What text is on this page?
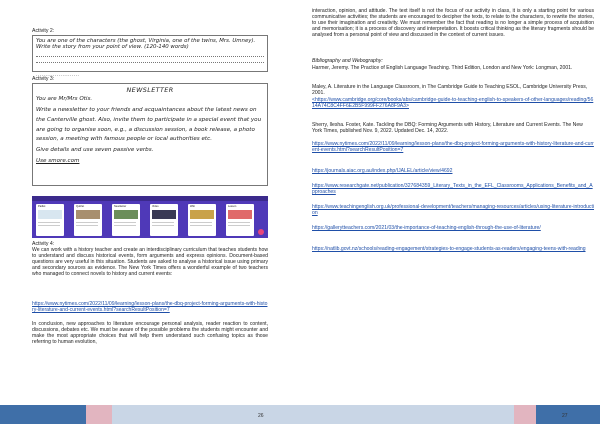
Activity 2:
You are one of the characters (the ghost, Virginia, one of the twins, Mrs. Umney). Write the story from your point of view. (120-140 words)
.......................
Activity 3:
NEWSLETTER
You are Mr/Mrs Otis.
Write a newsletter to your friends and acquaintances about the latest news on the Canterville ghost. Also, invite them to participate in a special event that you are going to organise soon, e.g., a discussion session, a book release, a photo session, a meeting with famous people or local authorities etc.
Give details and use seven passive verbs.
Use smore.com
Padlet	Quizlet	Newsletter	Video	Wiki	Lesson
Activity 4:
We can work with a history teacher and create an interdisciplinary curriculum that teaches students how to understand and discuss historical events, form arguments and express opinions. Document-based questions are very useful in this situation. Students are asked to analyse a historical issue using primary and secondary sources as evidence. The New York Times offers a wonderful example of two teachers who managed to connect novels to history and current events:
https://www.nytimes.com/2022/11/09/learning/lesson-plans/the-dbq-project-forming-arguments-with-history-literature-and-current-events.html?searchResultPosition=7
In conclusion, new approaches to literature encourage personal analysis, reader reaction to content, discussions, debates etc. We must be aware of the possible problems the students might encounter and make the most appropriate choices that will help them understand such confusing topics as those referring to human evolution,
26
interaction, opinion, and attitude. The text itself is not the focus of our activity in class, it is only a starting point for various communicative activities; the students are encouraged to decipher the texts, to relate to the characters, to rewrite the stories, to use their imagination and creativity. We must remember the fact that reading is no longer a simple process of acquisition and memorisation; it is a process of discovery and interpretation. It boosts critical thinking as the literary fragments should be analysed from a personal point of view and discussed in the context of current issues.
Bibliography and Webography:
Harmer, Jeremy. The Practice of English Language Teaching. Third Edition, London and New York: Longman, 2001.
Maley, A. Literature in the Language Classroom, in The Cambridge Guide to Teaching ESOL, Cambridge University Press, 2001.
<https://www.cambridge.org/core/books/abs/cambridge-guide-to-teaching-english-to-speakers-of-other-languages/reading/5614A74C8C4FF6E2B5F999FF276A8F9A3>
Sherry, Ilesha. Foster, Kate. Tackling the DBQ: Forming Arguments with History, Literature and Current Events. The New York Times, published Nov. 9, 2022. Updated Dec. 14, 2022.
https://www.nytimes.com/2022/11/09/learning/lesson-plans/the-dbq-project-forming-arguments-with-history-literature-and-current-events.html?searchResultPosition=7
https://journals.aiac.org.au/index.php/IJALEL/article/view/4692
https://www.researchgate.net/publication/327684359_Literary_Texts_in_the_EFL_Classrooms_Applications_Benefits_and_Approaches
https://www.teachingenglish.org.uk/professional-development/teachers/managing-resources/articles/using-literature-introduction
https://gallerytteachers.com/2021/03/the-importance-of-teaching-english-through-the-use-of-literature/
https://natlib.govt.nz/schools/reading-engagement/strategies-to-engage-students-as-readers/engaging-teens-with-reading
27
